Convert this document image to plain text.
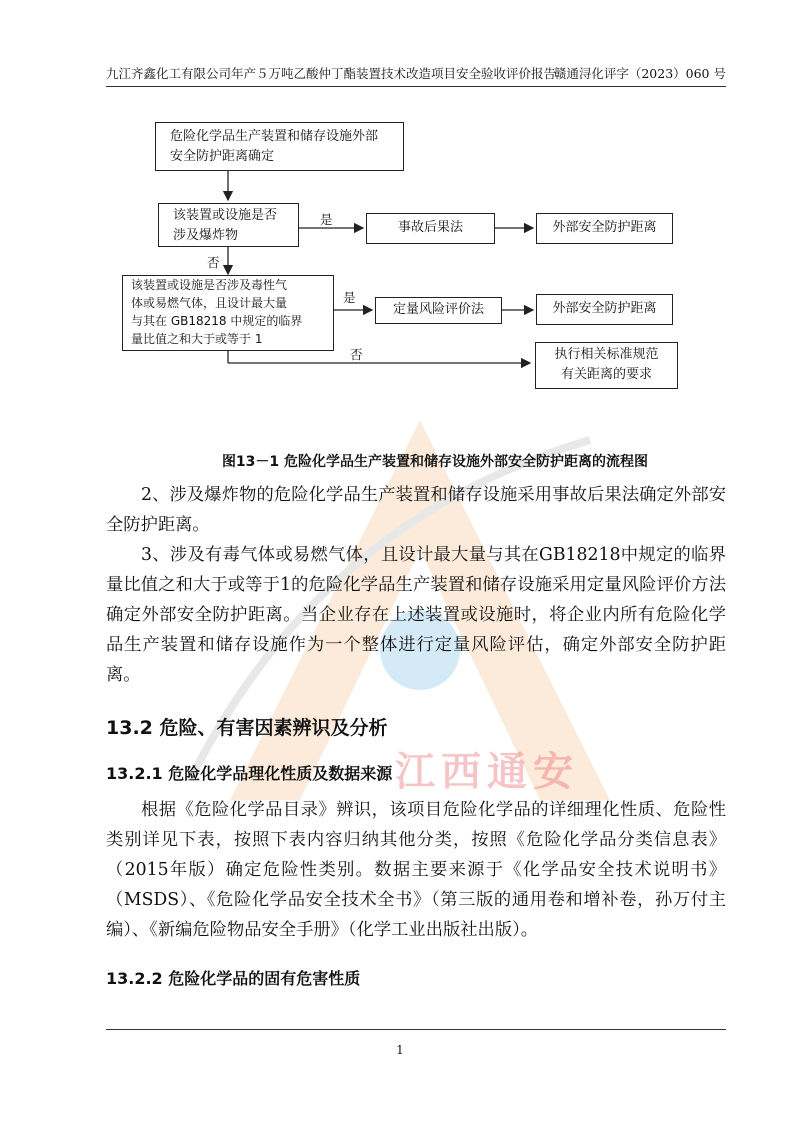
九江齐鑫化工有限公司年产５万吨乙酸仲丁酯装置技术改造项目安全验收评价报告
赣通浔化评字（2023）060 号
江西通安
危险化学品生产装置和储存设施外部
安全防护距离确定
该装置或设施是否
涉及爆炸物
是
事故后果法	外部安全防护距离
否
该装置或设施是否涉及毒性气
体或易燃气体，且设计最大量
与其在 GB18218 中规定的临界
量比值之和大于或等于 1
是
定量风险评价法	外部安全防护距离
否	执行相关标准规范
有关距离的要求
图13－1 危险化学品生产装置和储存设施外部安全防护距离的流程图
2、涉及爆炸物的危险化学品生产装置和储存设施采用事故后果法确定外部安全防护距离。
3、涉及有毒气体或易燃气体，且设计最大量与其在GB18218中规定的临界量比值之和大于或等于1的危险化学品生产装置和储存设施采用定量风险评价方法确定外部安全防护距离。当企业存在上述装置或设施时，将企业内所有危险化学品生产装置和储存设施作为一个整体进行定量风险评估，确定外部安全防护距离。
13.2 危险、有害因素辨识及分析
13.2.1 危险化学品理化性质及数据来源
根据《危险化学品目录》辨识，该项目危险化学品的详细理化性质、危险性类别详见下表，按照下表内容归纳其他分类，按照《危险化学品分类信息表》（2015年版）确定危险性类别。数据主要来源于《化学品安全技术说明书》（MSDS）、《危险化学品安全技术全书》（第三版的通用卷和增补卷，孙万付主编）、《新编危险物品安全手册》（化学工业出版社出版）。
13.2.2 危险化学品的固有危害性质
1
